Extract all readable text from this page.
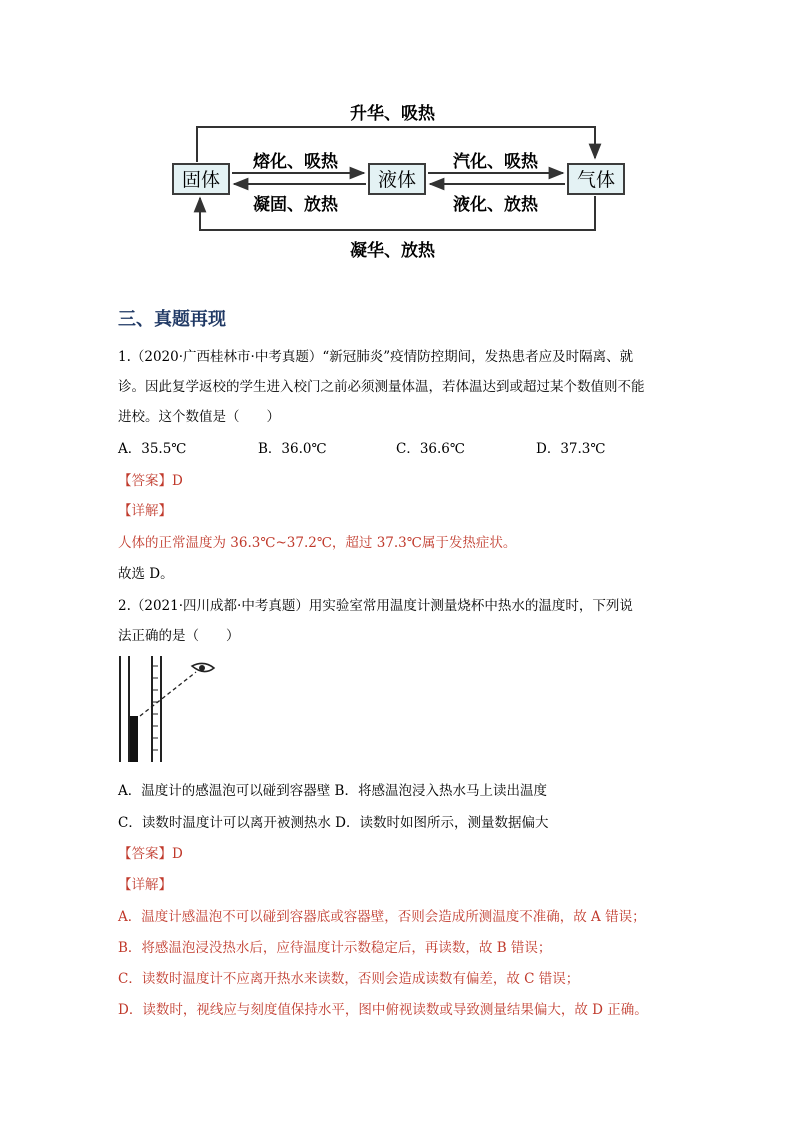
固体	液体	气体
升华、吸热
熔化、吸热
凝固、放热
汽化、吸热
液化、放热
凝华、放热
三、真题再现
1.（2020·广西桂林市·中考真题）“新冠肺炎”疫情防控期间，发热患者应及时隔离、就
诊。因此复学返校的学生进入校门之前必须测量体温，若体温达到或超过某个数值则不能
进校。这个数值是（　　）
A．35.5℃	B．36.0℃	C．36.6℃	D．37.3℃
【答案】D
【详解】
人体的正常温度为 36.3℃~37.2℃，超过 37.3℃属于发热症状。
故选 D。
2.（2021·四川成都·中考真题）用实验室常用温度计测量烧杯中热水的温度时，下列说
法正确的是（　　）
A．温度计的感温泡可以碰到容器壁 B．将感温泡浸入热水马上读出温度
C．读数时温度计可以离开被测热水 D．读数时如图所示，测量数据偏大
【答案】D
【详解】
A．温度计感温泡不可以碰到容器底或容器壁，否则会造成所测温度不准确，故 A 错误；
B．将感温泡浸没热水后，应待温度计示数稳定后，再读数，故 B 错误；
C．读数时温度计不应离开热水来读数，否则会造成读数有偏差，故 C 错误；
D．读数时，视线应与刻度值保持水平，图中俯视读数或导致测量结果偏大，故 D 正确。
